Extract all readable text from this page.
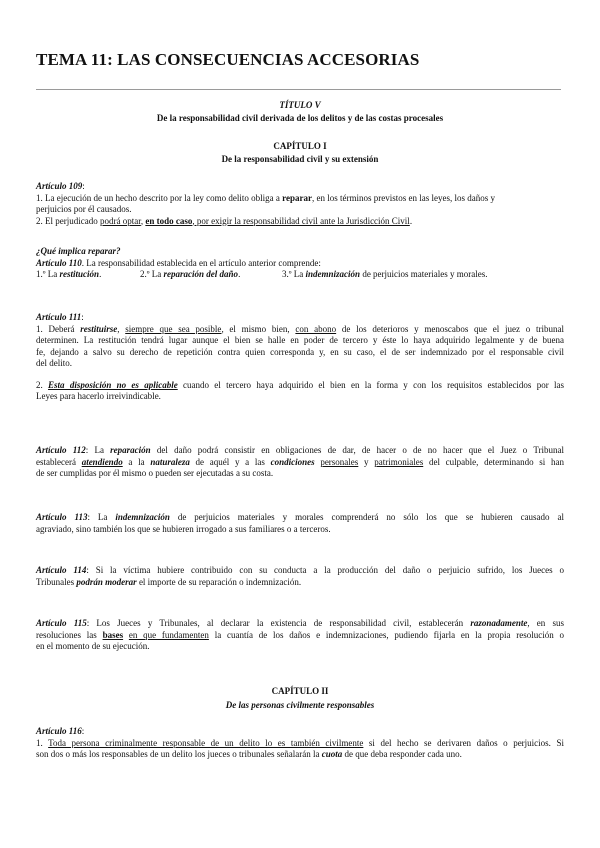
TEMA 11: LAS CONSECUENCIAS ACCESORIAS
TÍTULO V
De la responsabilidad civil derivada de los delitos y de las costas procesales
CAPÍTULO I
De la responsabilidad civil y su extensión
Artículo 109:
1. La ejecución de un hecho descrito por la ley como delito obliga a reparar, en los términos previstos en las leyes, los daños y
perjuicios por él causados.
2. El perjudicado podrá optar, en todo caso, por exigir la responsabilidad civil ante la Jurisdicción Civil.
¿Qué implica reparar?
Artículo 110. La responsabilidad establecida en el artículo anterior comprende:
1.º La restitución.	2.º La reparación del daño.	3.º La indemnización de perjuicios materiales y morales.
Artículo 111:
1. Deberá restituirse, siempre que sea posible, el mismo bien, con abono de los deterioros y menoscabos que el juez o tribunal
determinen. La restitución tendrá lugar aunque el bien se halle en poder de tercero y éste lo haya adquirido legalmente y de buena
fe, dejando a salvo su derecho de repetición contra quien corresponda y, en su caso, el de ser indemnizado por el responsable civil
del delito.
2. Esta disposición no es aplicable cuando el tercero haya adquirido el bien en la forma y con los requisitos establecidos por las
Leyes para hacerlo irreivindicable.
Artículo 112: La reparación del daño podrá consistir en obligaciones de dar, de hacer o de no hacer que el Juez o Tribunal
establecerá atendiendo a la naturaleza de aquél y a las condiciones personales y patrimoniales del culpable, determinando si han
de ser cumplidas por él mismo o pueden ser ejecutadas a su costa.
Artículo 113: La indemnización de perjuicios materiales y morales comprenderá no sólo los que se hubieren causado al
agraviado, sino también los que se hubieren irrogado a sus familiares o a terceros.
Artículo 114: Si la víctima hubiere contribuido con su conducta a la producción del daño o perjuicio sufrido, los Jueces o
Tribunales podrán moderar el importe de su reparación o indemnización.
Artículo 115: Los Jueces y Tribunales, al declarar la existencia de responsabilidad civil, establecerán razonadamente, en sus
resoluciones las bases en que fundamenten la cuantía de los daños e indemnizaciones, pudiendo fijarla en la propia resolución o
en el momento de su ejecución.
CAPÍTULO II
De las personas civilmente responsables
Artículo 116:
1. Toda persona criminalmente responsable de un delito lo es también civilmente si del hecho se derivaren daños o perjuicios. Si
son dos o más los responsables de un delito los jueces o tribunales señalarán la cuota de que deba responder cada uno.
